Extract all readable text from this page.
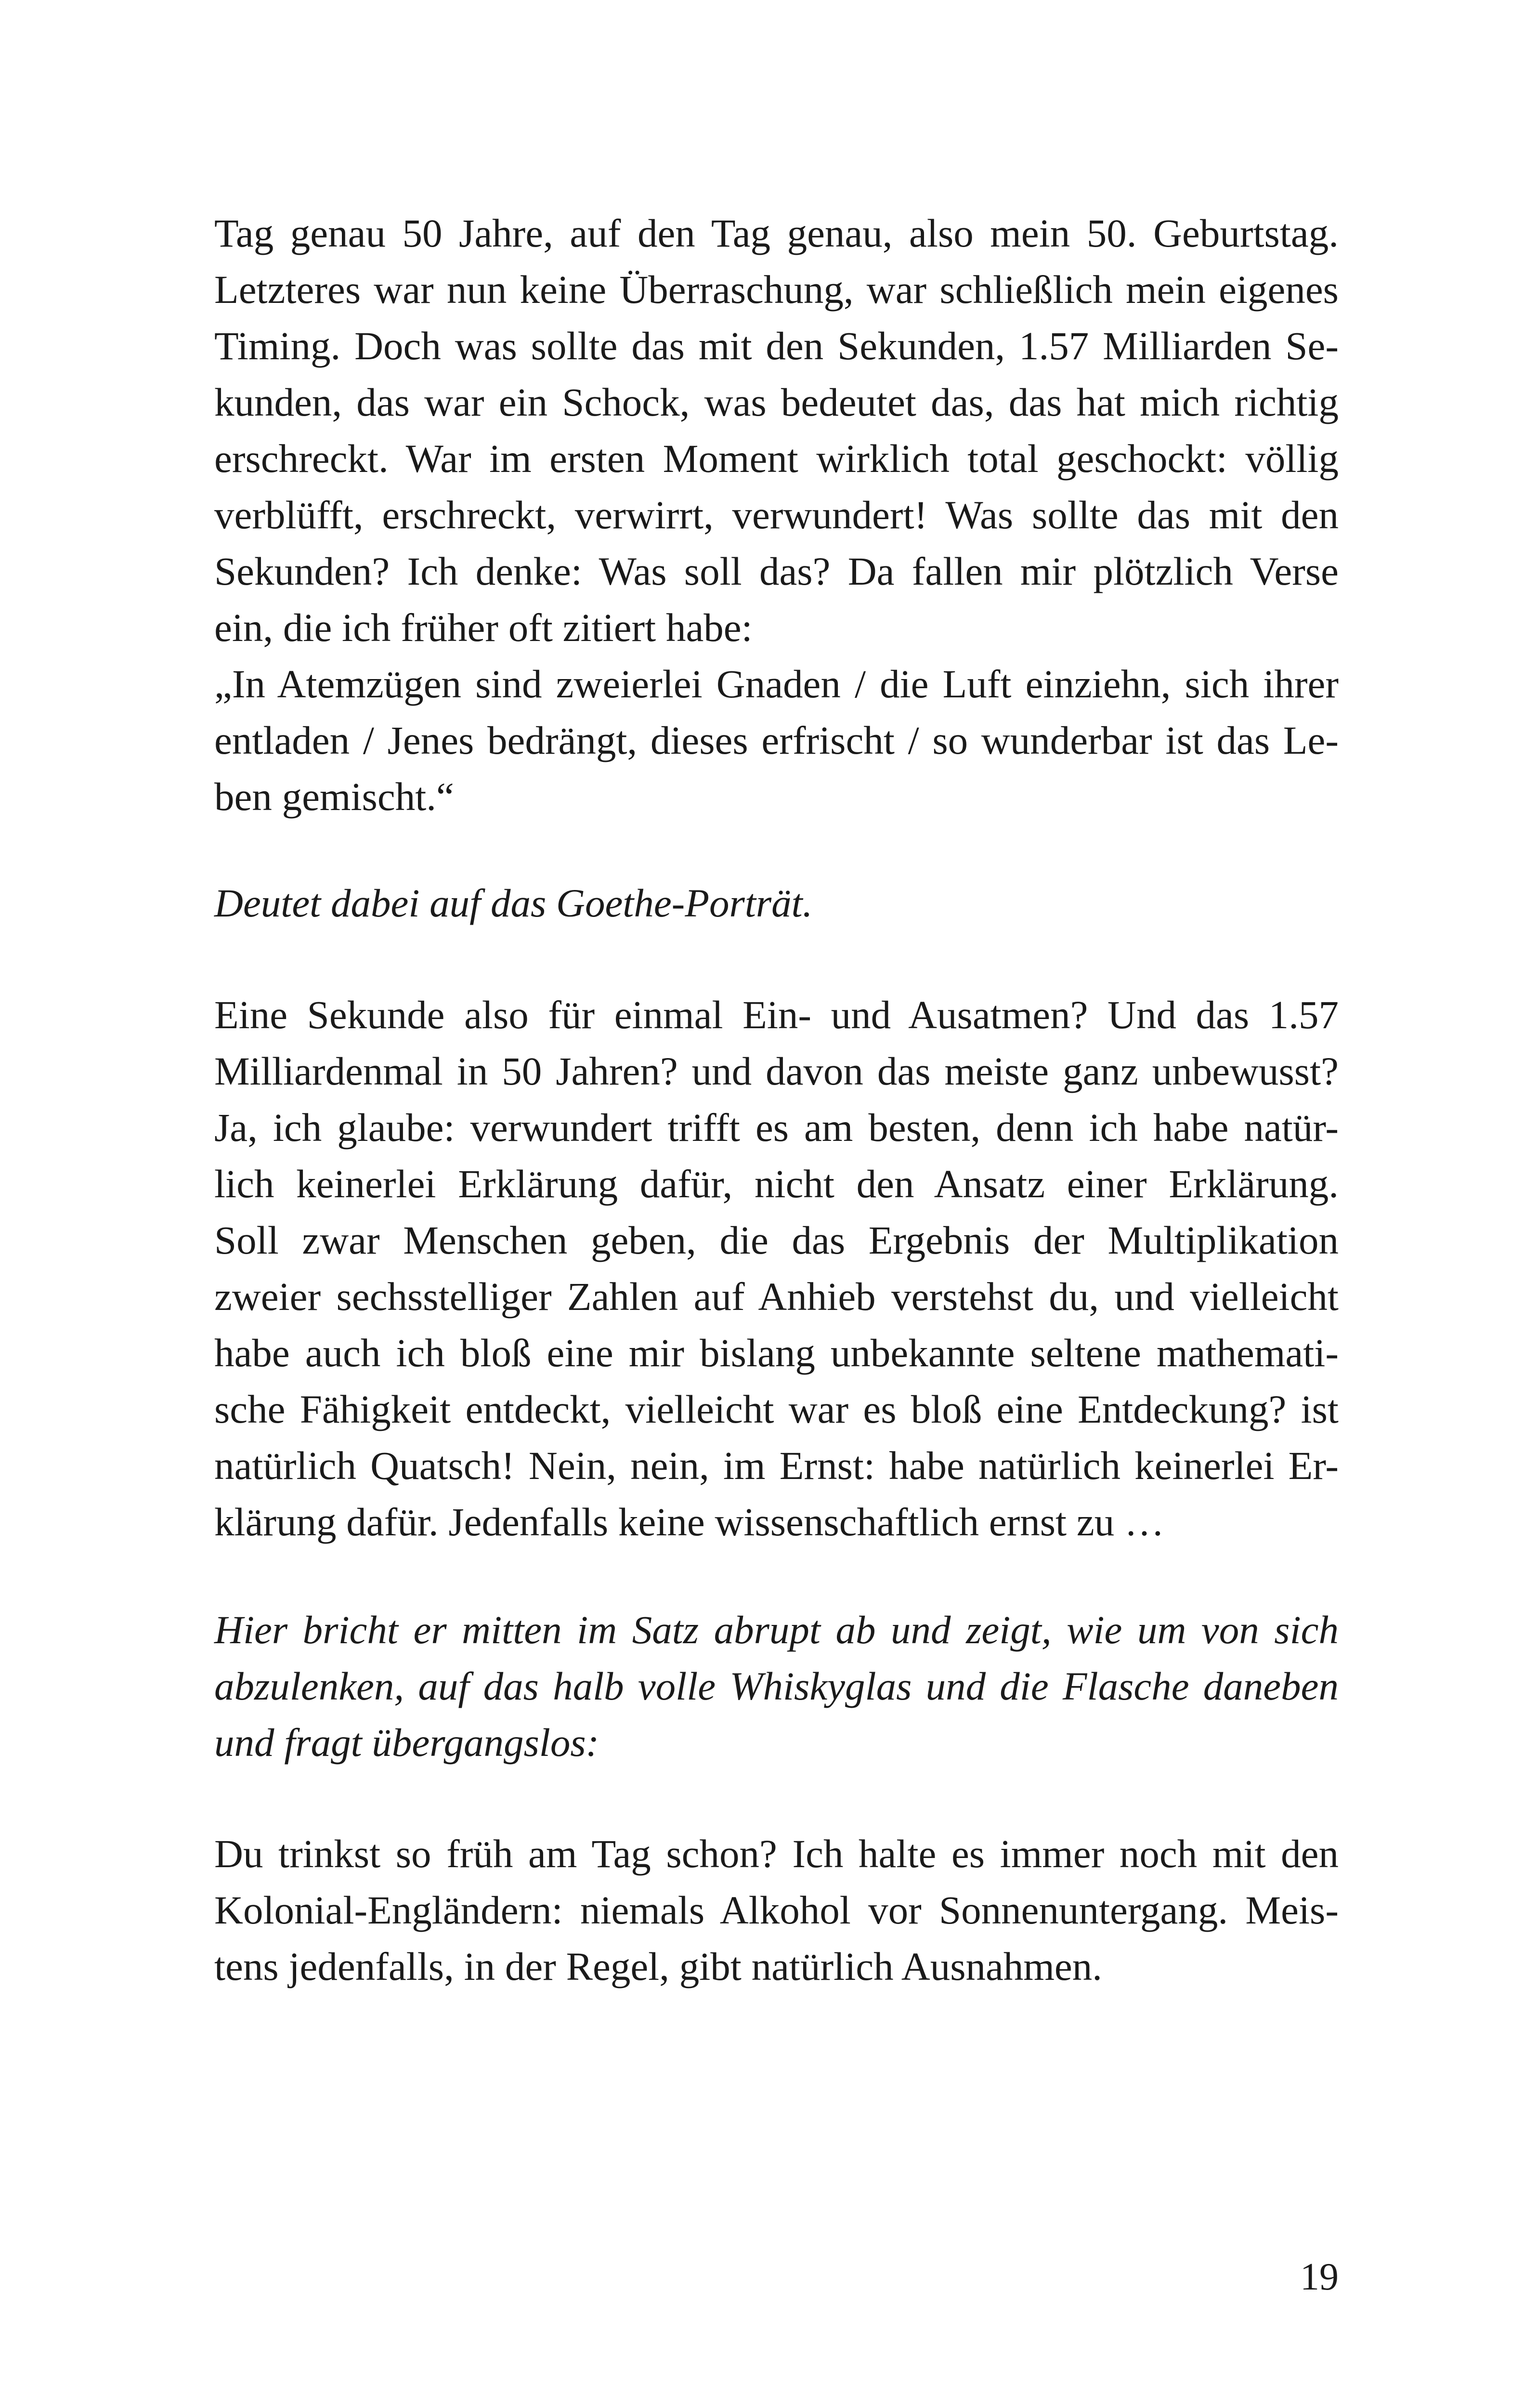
Tag genau 50 Jahre, auf den Tag genau, also mein 50. Geburtstag.
Letzteres war nun keine Überraschung, war schließlich mein eigenes
Timing. Doch was sollte das mit den Sekunden, 1.57 Milliarden Se-
kunden, das war ein Schock, was bedeutet das, das hat mich richtig
erschreckt. War im ersten Moment wirklich total geschockt: völlig
verblüfft, erschreckt, verwirrt, verwundert! Was sollte das mit den
Sekunden? Ich denke: Was soll das? Da fallen mir plötzlich Verse
ein, die ich früher oft zitiert habe:
„In Atemzügen sind zweierlei Gnaden / die Luft einziehn, sich ihrer
entladen / Jenes bedrängt, dieses erfrischt / so wunderbar ist das Le-
ben gemischt.“
Deutet dabei auf das Goethe-Porträt.
Eine Sekunde also für einmal Ein- und Ausatmen? Und das 1.57
Milliardenmal in 50 Jahren? und davon das meiste ganz unbewusst?
Ja, ich glaube: verwundert trifft es am besten, denn ich habe natür-
lich keinerlei Erklärung dafür, nicht den Ansatz einer Erklärung.
Soll zwar Menschen geben, die das Ergebnis der Multiplikation
zweier sechsstelliger Zahlen auf Anhieb verstehst du, und vielleicht
habe auch ich bloß eine mir bislang unbekannte seltene mathemati-
sche Fähigkeit entdeckt, vielleicht war es bloß eine Entdeckung? ist
natürlich Quatsch! Nein, nein, im Ernst: habe natürlich keinerlei Er-
klärung dafür. Jedenfalls keine wissenschaftlich ernst zu …
Hier bricht er mitten im Satz abrupt ab und zeigt, wie um von sich
abzulenken, auf das halb volle Whiskyglas und die Flasche daneben
und fragt übergangslos:
Du trinkst so früh am Tag schon? Ich halte es immer noch mit den
Kolonial-Engländern: niemals Alkohol vor Sonnenuntergang. Meis-
tens jedenfalls, in der Regel, gibt natürlich Ausnahmen.
19
